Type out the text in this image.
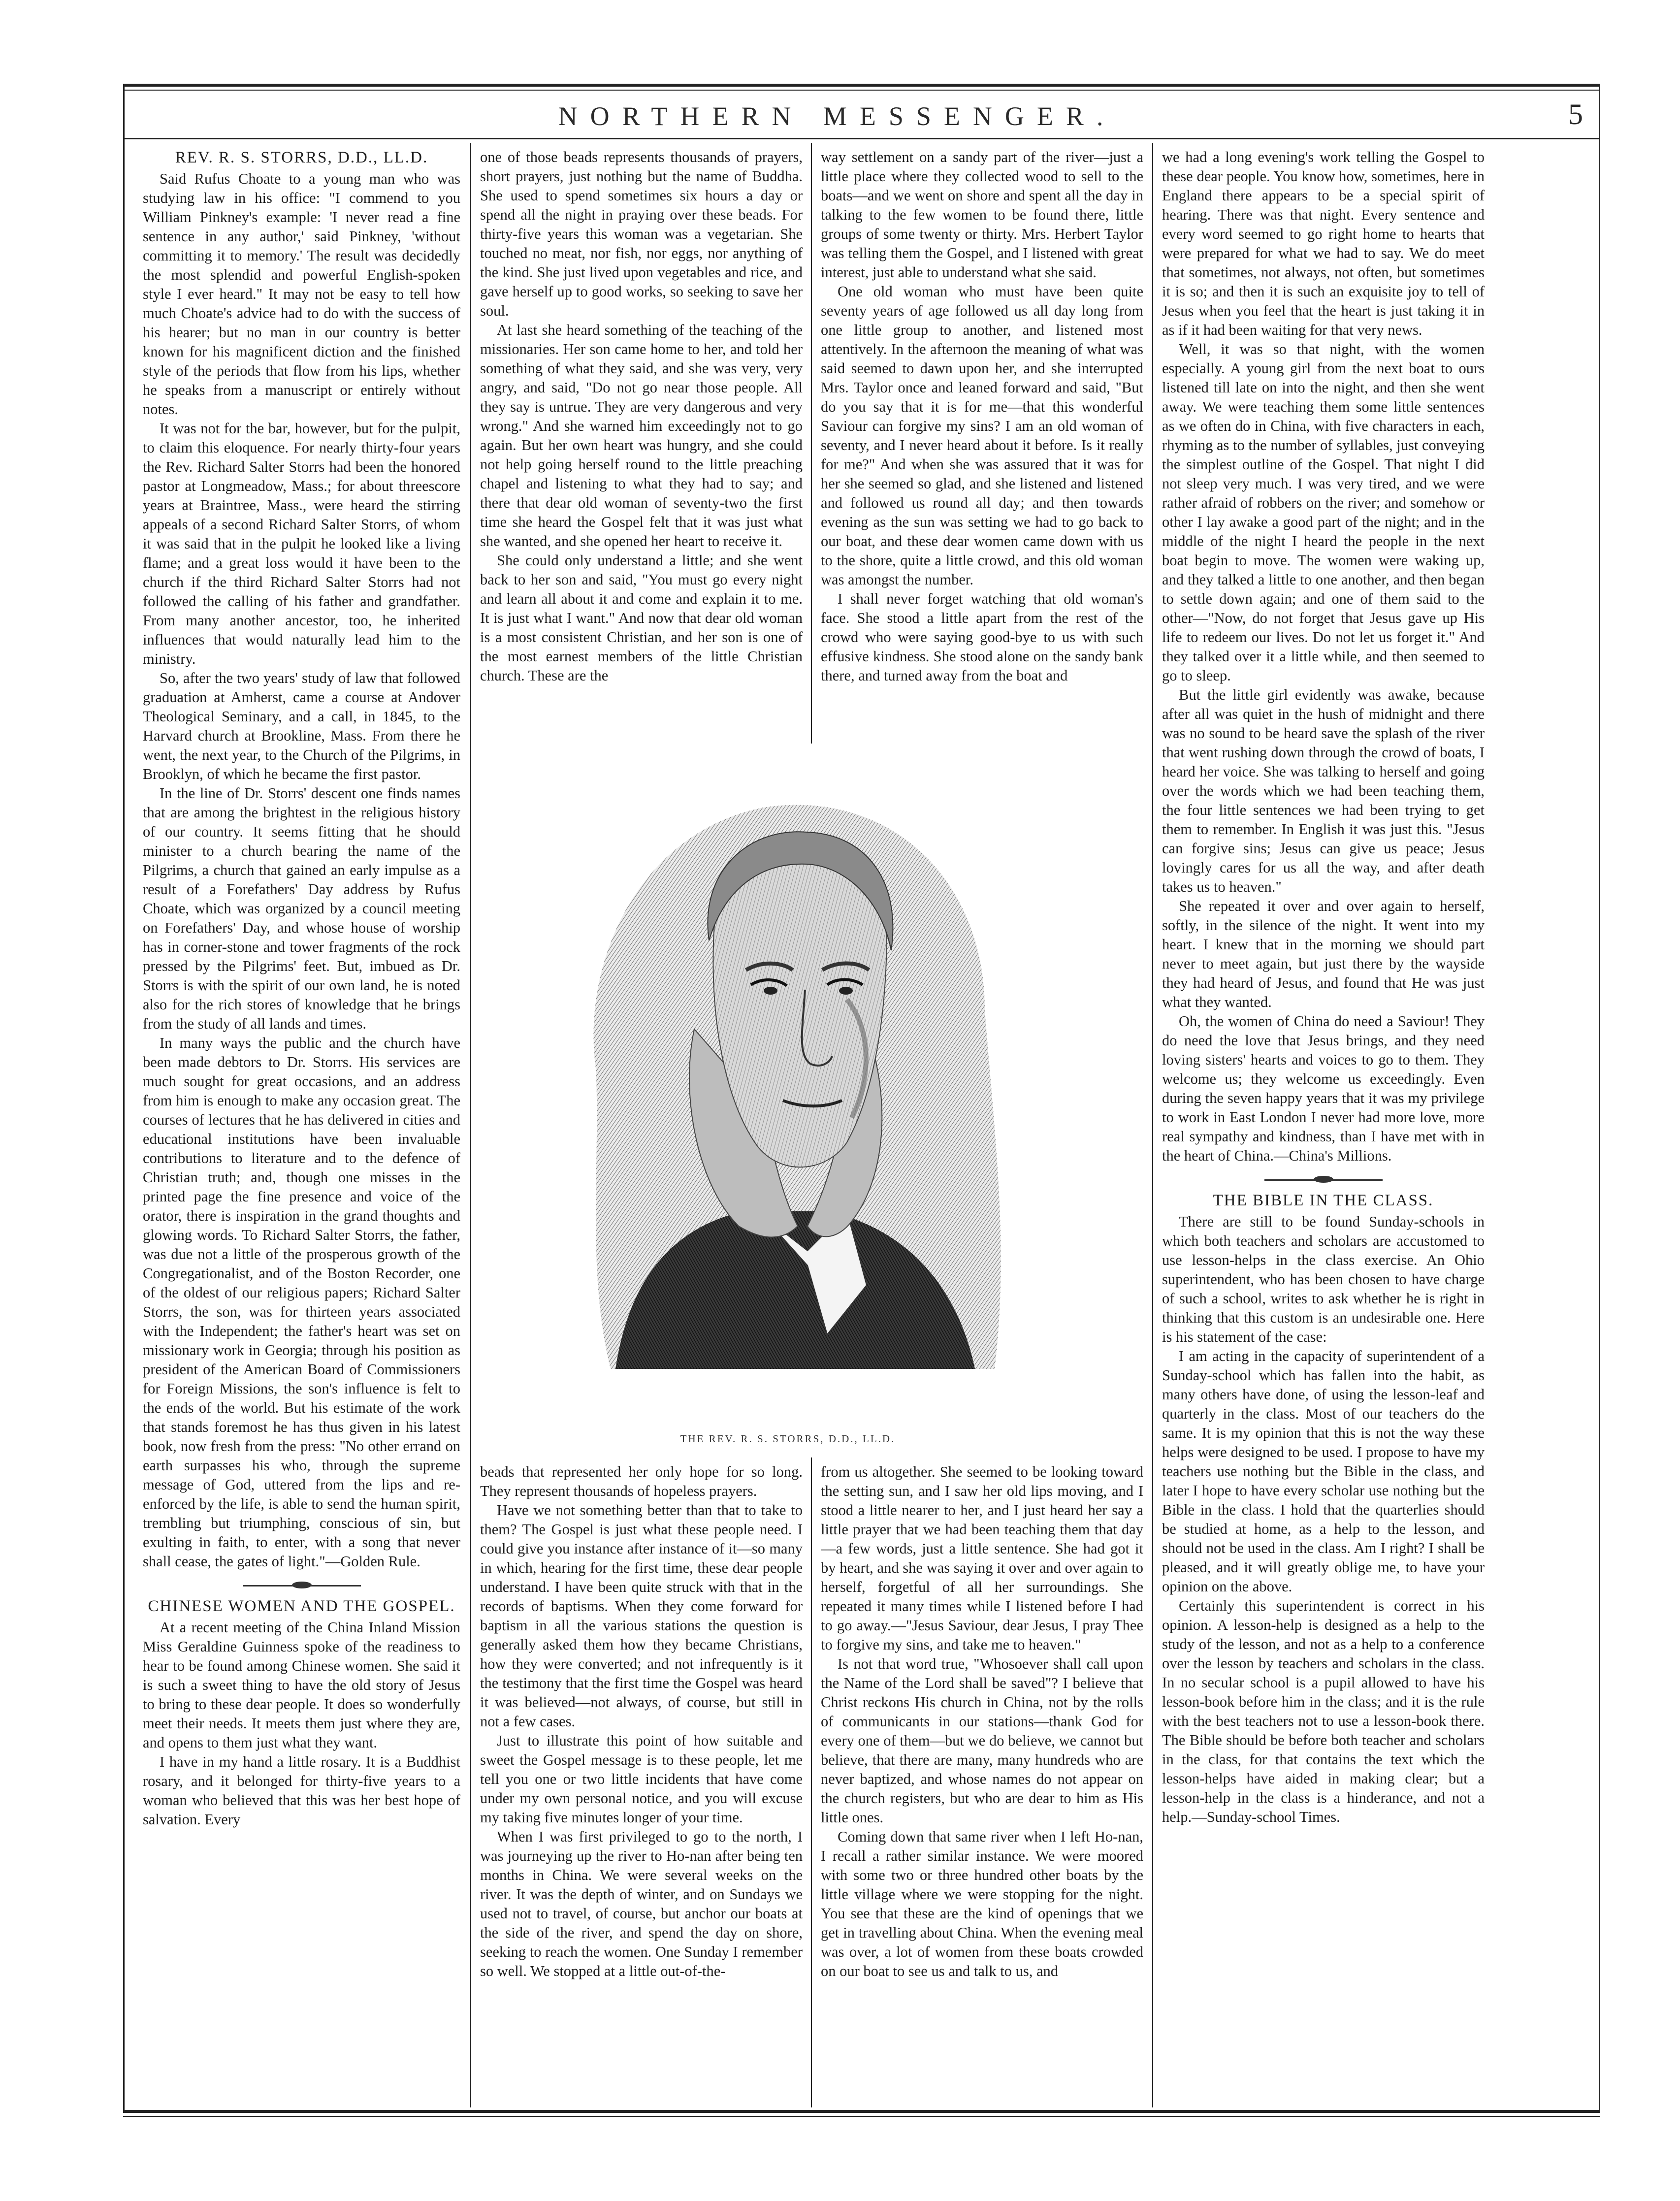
NORTHERN MESSENGER.	5
REV. R. S. STORRS, D.D., LL.D.

Said Rufus Choate to a young man who was studying law in his office: "I commend to you William Pinkney's example: 'I never read a fine sentence in any author,' said Pinkney, 'without committing it to memory.' The result was decidedly the most splendid and powerful English-spoken style I ever heard." It may not be easy to tell how much Choate's advice had to do with the success of his hearer; but no man in our country is better known for his magnificent diction and the finished style of the periods that flow from his lips, whether he speaks from a manuscript or entirely without notes.

It was not for the bar, however, but for the pulpit, to claim this eloquence. For nearly thirty-four years the Rev. Richard Salter Storrs had been the honored pastor at Longmeadow, Mass.; for about threescore years at Braintree, Mass., were heard the stirring appeals of a second Richard Salter Storrs, of whom it was said that in the pulpit he looked like a living flame; and a great loss would it have been to the church if the third Richard Salter Storrs had not followed the calling of his father and grandfather. From many another ancestor, too, he inherited influences that would naturally lead him to the ministry.

So, after the two years' study of law that followed graduation at Amherst, came a course at Andover Theological Seminary, and a call, in 1845, to the Harvard church at Brookline, Mass. From there he went, the next year, to the Church of the Pilgrims, in Brooklyn, of which he became the first pastor.

In the line of Dr. Storrs' descent one finds names that are among the brightest in the religious history of our country. It seems fitting that he should minister to a church bearing the name of the Pilgrims, a church that gained an early impulse as a result of a Forefathers' Day address by Rufus Choate, which was organized by a council meeting on Forefathers' Day, and whose house of worship has in corner-stone and tower fragments of the rock pressed by the Pilgrims' feet. But, imbued as Dr. Storrs is with the spirit of our own land, he is noted also for the rich stores of knowledge that he brings from the study of all lands and times.

In many ways the public and the church have been made debtors to Dr. Storrs. His services are much sought for great occasions, and an address from him is enough to make any occasion great. The courses of lectures that he has delivered in cities and educational institutions have been invaluable contributions to literature and to the defence of Christian truth; and, though one misses in the printed page the fine presence and voice of the orator, there is inspiration in the grand thoughts and glowing words. To Richard Salter Storrs, the father, was due not a little of the prosperous growth of the Congregationalist, and of the Boston Recorder, one of the oldest of our religious papers; Richard Salter Storrs, the son, was for thirteen years associated with the Independent; the father's heart was set on missionary work in Georgia; through his position as president of the American Board of Commissioners for Foreign Missions, the son's influence is felt to the ends of the world. But his estimate of the work that stands foremost he has thus given in his latest book, now fresh from the press: "No other errand on earth surpasses his who, through the supreme message of God, uttered from the lips and re-enforced by the life, is able to send the human spirit, trembling but triumphing, conscious of sin, but exulting in faith, to enter, with a song that never shall cease, the gates of light."—Golden Rule.

CHINESE WOMEN AND THE GOSPEL.

At a recent meeting of the China Inland Mission Miss Geraldine Guinness spoke of the readiness to hear to be found among Chinese women. She said it is such a sweet thing to have the old story of Jesus to bring to these dear people. It does so wonderfully meet their needs. It meets them just where they are, and opens to them just what they want.

I have in my hand a little rosary. It is a Buddhist rosary, and it belonged for thirty-five years to a woman who believed that this was her best hope of salvation. Every

one of those beads represents thousands of prayers, short prayers, just nothing but the name of Buddha. She used to spend sometimes six hours a day or spend all the night in praying over these beads. For thirty-five years this woman was a vegetarian. She touched no meat, nor fish, nor eggs, nor anything of the kind. She just lived upon vegetables and rice, and gave herself up to good works, so seeking to save her soul.

At last she heard something of the teaching of the missionaries. Her son came home to her, and told her something of what they said, and she was very, very angry, and said, "Do not go near those people. All they say is untrue. They are very dangerous and very wrong." And she warned him exceedingly not to go again. But her own heart was hungry, and she could not help going herself round to the little preaching chapel and listening to what they had to say; and there that dear old woman of seventy-two the first time she heard the Gospel felt that it was just what she wanted, and she opened her heart to receive it.

She could only understand a little; and she went back to her son and said, "You must go every night and learn all about it and come and explain it to me. It is just what I want." And now that dear old woman is a most consistent Christian, and her son is one of the most earnest members of the little Christian church. These are the

way settlement on a sandy part of the river—just a little place where they collected wood to sell to the boats—and we went on shore and spent all the day in talking to the few women to be found there, little groups of some twenty or thirty. Mrs. Herbert Taylor was telling them the Gospel, and I listened with great interest, just able to understand what she said.

One old woman who must have been quite seventy years of age followed us all day long from one little group to another, and listened most attentively. In the afternoon the meaning of what was said seemed to dawn upon her, and she interrupted Mrs. Taylor once and leaned forward and said, "But do you say that it is for me—that this wonderful Saviour can forgive my sins? I am an old woman of seventy, and I never heard about it before. Is it really for me?" And when she was assured that it was for her she seemed so glad, and she listened and listened and followed us round all day; and then towards evening as the sun was setting we had to go back to our boat, and these dear women came down with us to the shore, quite a little crowd, and this old woman was amongst the number.

I shall never forget watching that old woman's face. She stood a little apart from the rest of the crowd who were saying good-bye to us with such effusive kindness. She stood alone on the sandy bank there, and turned away from the boat and

THE REV. R. S. STORRS, D.D., LL.D.

beads that represented her only hope for so long. They represent thousands of hopeless prayers.

Have we not something better than that to take to them? The Gospel is just what these people need. I could give you instance after instance of it—so many in which, hearing for the first time, these dear people understand. I have been quite struck with that in the records of baptisms. When they come forward for baptism in all the various stations the question is generally asked them how they became Christians, how they were converted; and not infrequently is it the testimony that the first time the Gospel was heard it was believed—not always, of course, but still in not a few cases.

Just to illustrate this point of how suitable and sweet the Gospel message is to these people, let me tell you one or two little incidents that have come under my own personal notice, and you will excuse my taking five minutes longer of your time.

When I was first privileged to go to the north, I was journeying up the river to Ho-nan after being ten months in China. We were several weeks on the river. It was the depth of winter, and on Sundays we used not to travel, of course, but anchor our boats at the side of the river, and spend the day on shore, seeking to reach the women. One Sunday I remember so well. We stopped at a little out-of-the-

from us altogether. She seemed to be looking toward the setting sun, and I saw her old lips moving, and I stood a little nearer to her, and I just heard her say a little prayer that we had been teaching them that day—a few words, just a little sentence. She had got it by heart, and she was saying it over and over again to herself, forgetful of all her surroundings. She repeated it many times while I listened before I had to go away.—"Jesus Saviour, dear Jesus, I pray Thee to forgive my sins, and take me to heaven."

Is not that word true, "Whosoever shall call upon the Name of the Lord shall be saved"? I believe that Christ reckons His church in China, not by the rolls of communicants in our stations—thank God for every one of them—but we do believe, we cannot but believe, that there are many, many hundreds who are never baptized, and whose names do not appear on the church registers, but who are dear to him as His little ones.

Coming down that same river when I left Ho-nan, I recall a rather similar instance. We were moored with some two or three hundred other boats by the little village where we were stopping for the night. You see that these are the kind of openings that we get in travelling about China. When the evening meal was over, a lot of women from these boats crowded on our boat to see us and talk to us, and

we had a long evening's work telling the Gospel to these dear people. You know how, sometimes, here in England there appears to be a special spirit of hearing. There was that night. Every sentence and every word seemed to go right home to hearts that were prepared for what we had to say. We do meet that sometimes, not always, not often, but sometimes it is so; and then it is such an exquisite joy to tell of Jesus when you feel that the heart is just taking it in as if it had been waiting for that very news.

Well, it was so that night, with the women especially. A young girl from the next boat to ours listened till late on into the night, and then she went away. We were teaching them some little sentences as we often do in China, with five characters in each, rhyming as to the number of syllables, just conveying the simplest outline of the Gospel. That night I did not sleep very much. I was very tired, and we were rather afraid of robbers on the river; and somehow or other I lay awake a good part of the night; and in the middle of the night I heard the people in the next boat begin to move. The women were waking up, and they talked a little to one another, and then began to settle down again; and one of them said to the other—"Now, do not forget that Jesus gave up His life to redeem our lives. Do not let us forget it." And they talked over it a little while, and then seemed to go to sleep.

But the little girl evidently was awake, because after all was quiet in the hush of midnight and there was no sound to be heard save the splash of the river that went rushing down through the crowd of boats, I heard her voice. She was talking to herself and going over the words which we had been teaching them, the four little sentences we had been trying to get them to remember. In English it was just this. "Jesus can forgive sins; Jesus can give us peace; Jesus lovingly cares for us all the way, and after death takes us to heaven."

She repeated it over and over again to herself, softly, in the silence of the night. It went into my heart. I knew that in the morning we should part never to meet again, but just there by the wayside they had heard of Jesus, and found that He was just what they wanted.

Oh, the women of China do need a Saviour! They do need the love that Jesus brings, and they need loving sisters' hearts and voices to go to them. They welcome us; they welcome us exceedingly. Even during the seven happy years that it was my privilege to work in East London I never had more love, more real sympathy and kindness, than I have met with in the heart of China.—China's Millions.

THE BIBLE IN THE CLASS.

There are still to be found Sunday-schools in which both teachers and scholars are accustomed to use lesson-helps in the class exercise. An Ohio superintendent, who has been chosen to have charge of such a school, writes to ask whether he is right in thinking that this custom is an undesirable one. Here is his statement of the case:

I am acting in the capacity of superintendent of a Sunday-school which has fallen into the habit, as many others have done, of using the lesson-leaf and quarterly in the class. Most of our teachers do the same. It is my opinion that this is not the way these helps were designed to be used. I propose to have my teachers use nothing but the Bible in the class, and later I hope to have every scholar use nothing but the Bible in the class. I hold that the quarterlies should be studied at home, as a help to the lesson, and should not be used in the class. Am I right? I shall be pleased, and it will greatly oblige me, to have your opinion on the above.

Certainly this superintendent is correct in his opinion. A lesson-help is designed as a help to the study of the lesson, and not as a help to a conference over the lesson by teachers and scholars in the class. In no secular school is a pupil allowed to have his lesson-book before him in the class; and it is the rule with the best teachers not to use a lesson-book there. The Bible should be before both teacher and scholars in the class, for that contains the text which the lesson-helps have aided in making clear; but a lesson-help in the class is a hinderance, and not a help.—Sunday-school Times.
